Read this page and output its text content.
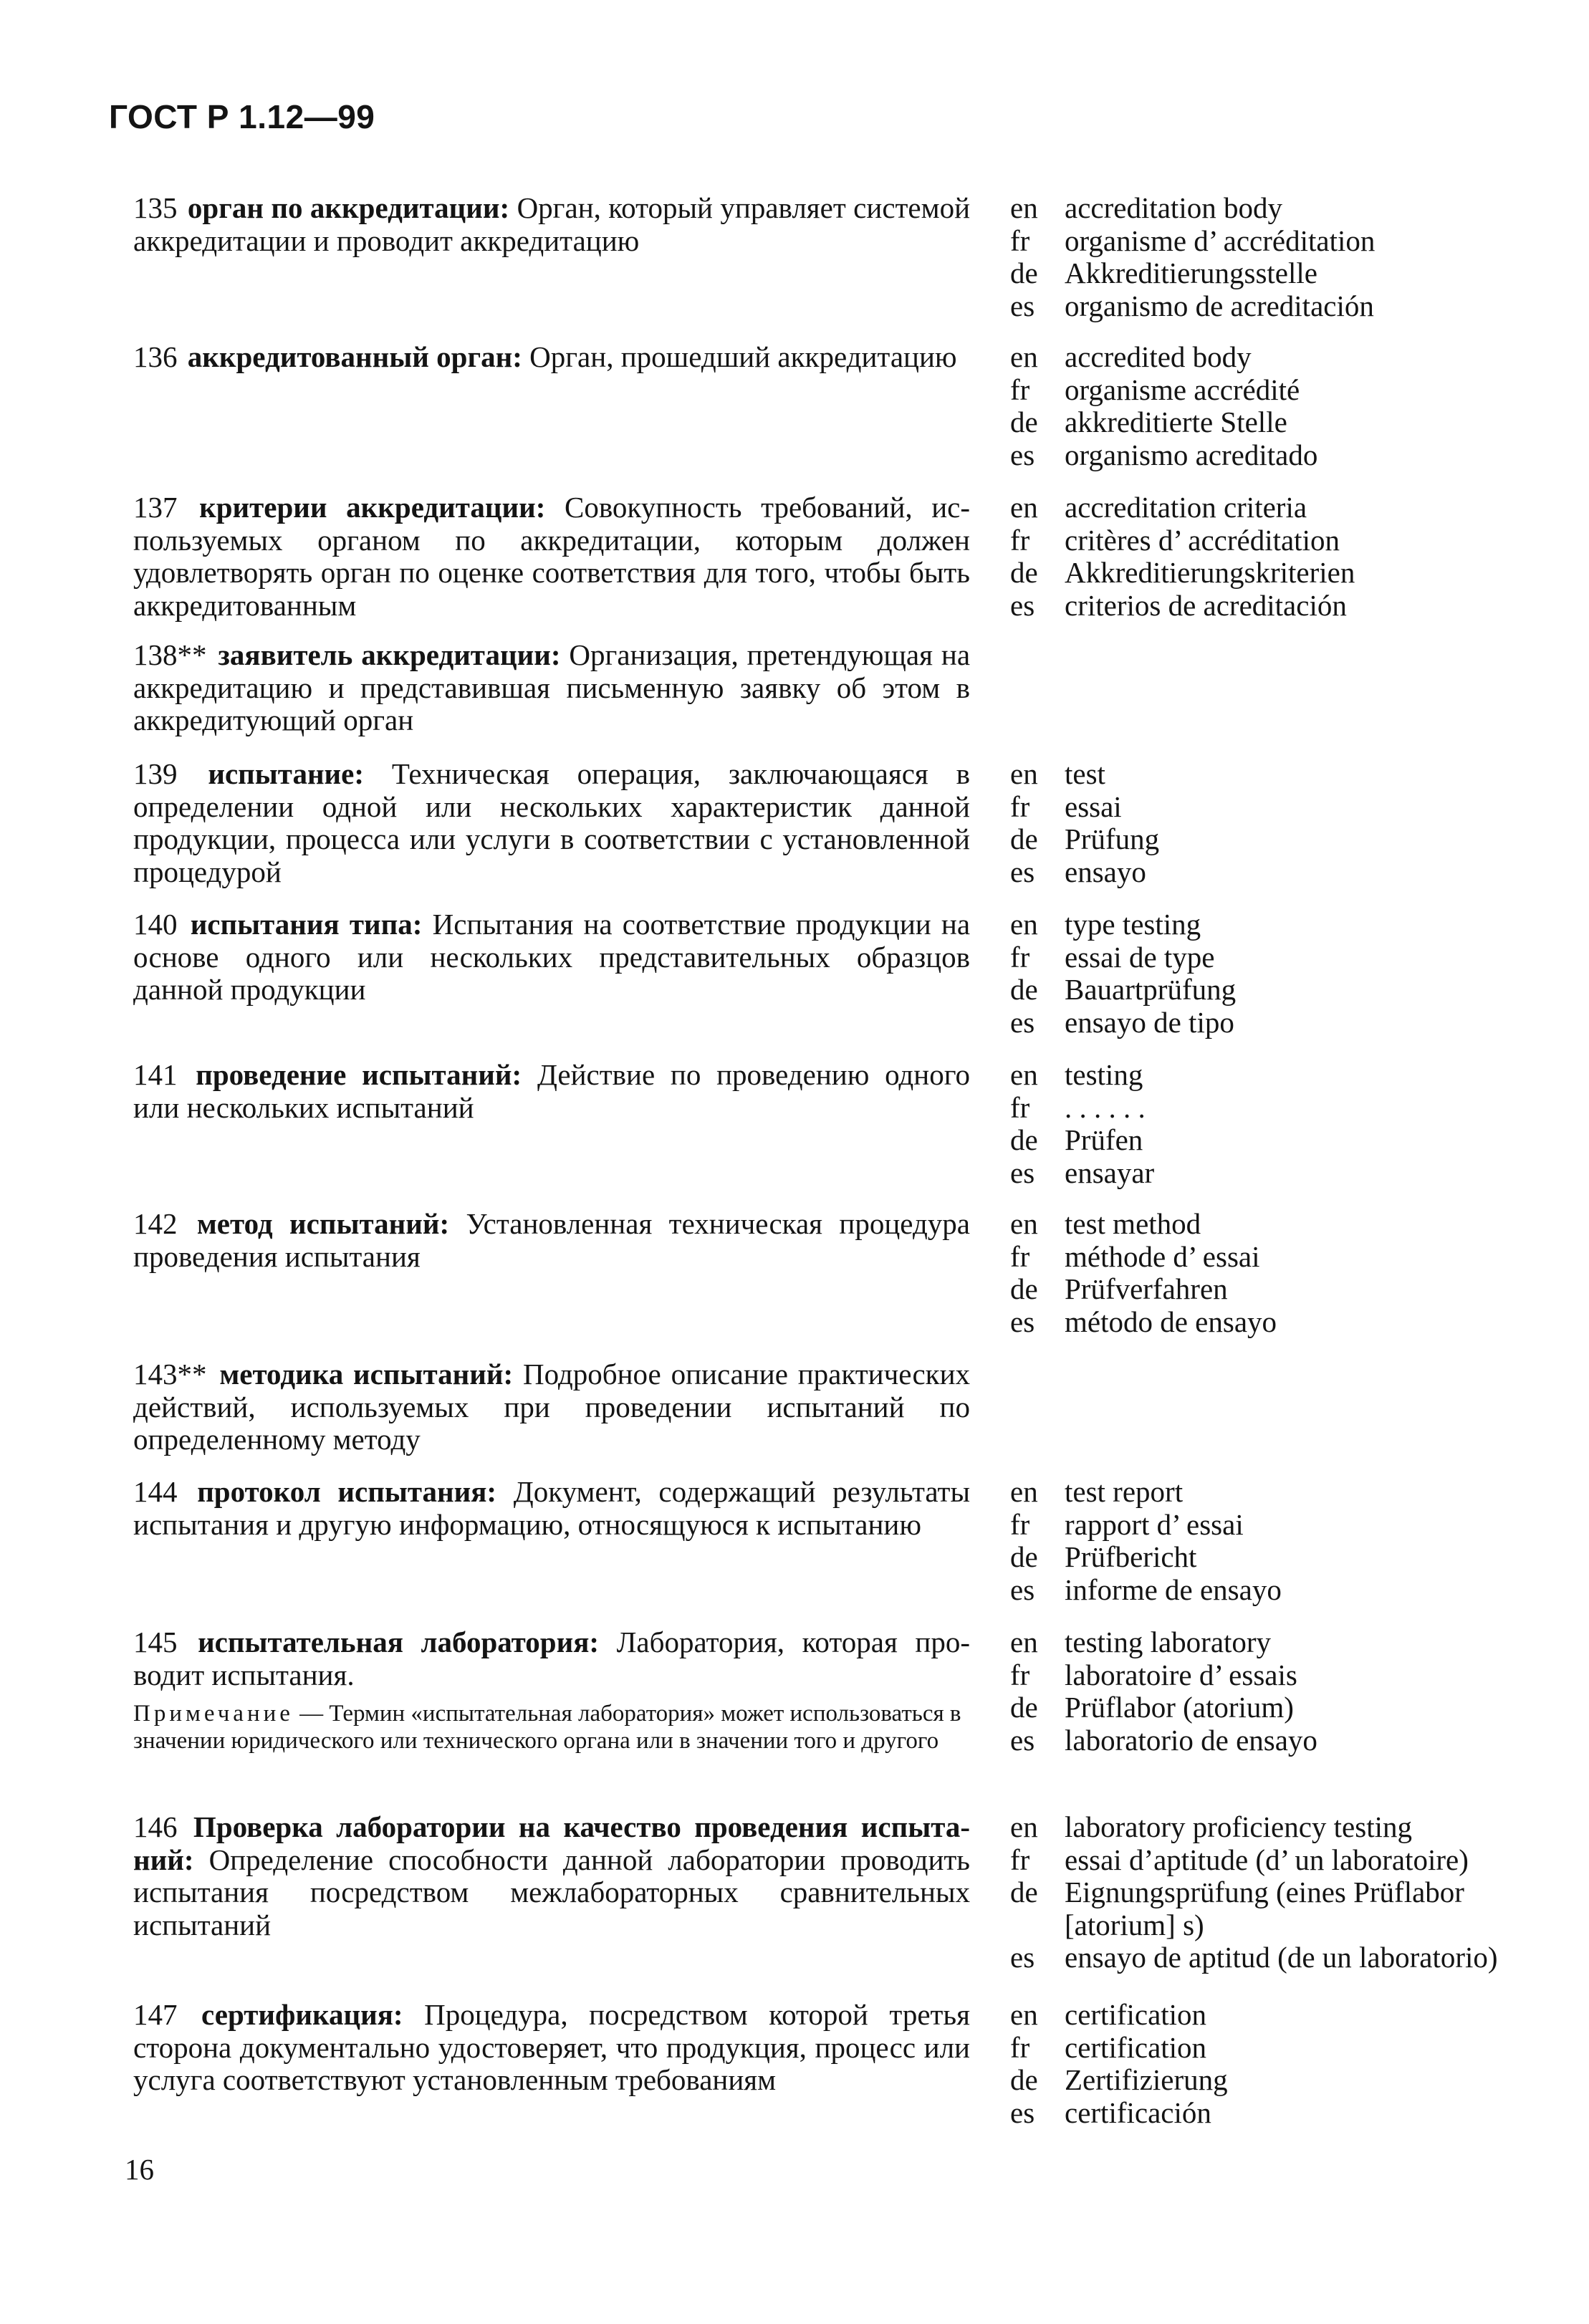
ГОСТ Р 1.12—99
135 орган по аккредитации: Орган, который управляет системой аккредитации и проводит аккредитацию
en accreditation body
fr	organisme d’ accréditation
de Akkreditierungsstelle
es	organismo de acreditación
136 аккредитованный орган: Орган, прошедший аккредитацию	en accredited body
fr	organisme accrédité
de akkreditierte Stelle
es	organismo acreditado
137 критерии аккредитации: Совокупность требований, используемых органом по аккредитации, которым должен удовлетворять орган по оценке соответствия для того, чтобы быть аккредитованным
en accreditation criteria
fr	critères d’ accréditation
de Akkreditierungskriterien
es	criterios de acreditación
138** заявитель аккредитации: Организация, претендующая на аккредитацию и представившая письменную заявку об этом в аккредитующий орган
139 испытание: Техническая операция, заключающаяся в определении одной или нескольких характеристик данной продукции, процесса или услуги в соответствии с установленной процедурой
en test
fr	essai
de Prüfung
es	ensayo
140 испытания типа: Испытания на соответствие продукции на основе одного или нескольких представительных образцов данной продукции
en type testing
fr	essai de type
de Bauartprüfung
es	ensayo de tipo
141 проведение испытаний: Действие по проведению одного или нескольких испытаний
en testing
fr	. . . . . .
de Prüfen
es	ensayar
142 метод испытаний: Установленная техническая процедура проведения испытания
en test method
fr	méthode d’ essai
de Prüfverfahren
es	método de ensayo
143** методика испытаний: Подробное описание практических действий, используемых при проведении испытаний по определенному методу
144 протокол испытания: Документ, содержащий результаты испытания и другую информацию, относящуюся к испытанию
en test report
fr	rapport d’ essai
de Prüfbericht
es	informe de ensayo
145 испытательная лаборатория: Лаборатория, которая проводит испытания.
Примечание — Термин «испытательная лаборатория» может использоваться в значении юридического или технического органа или в значении того и другого
en testing laboratory
fr	laboratoire d’ essais
de Prüflabor (atorium)
es	laboratorio de ensayo
146 Проверка лаборатории на качество проведения испытаний: Определение способности данной лаборатории проводить испытания посредством межлабораторных сравнительных испытаний
en laboratory proficiency testing
fr	essai d’aptitude (d’ un laboratoire)
de Eignungsprüfung (eines Prüflabor [atorium] s)
es	ensayo de aptitud (de un laboratorio)
147 сертификация: Процедура, посредством которой третья сторона документально удостоверяет, что продукция, процесс или услуга соответствуют установленным требованиям
en certification
fr	certification
de Zertifizierung
es	certificación
16
